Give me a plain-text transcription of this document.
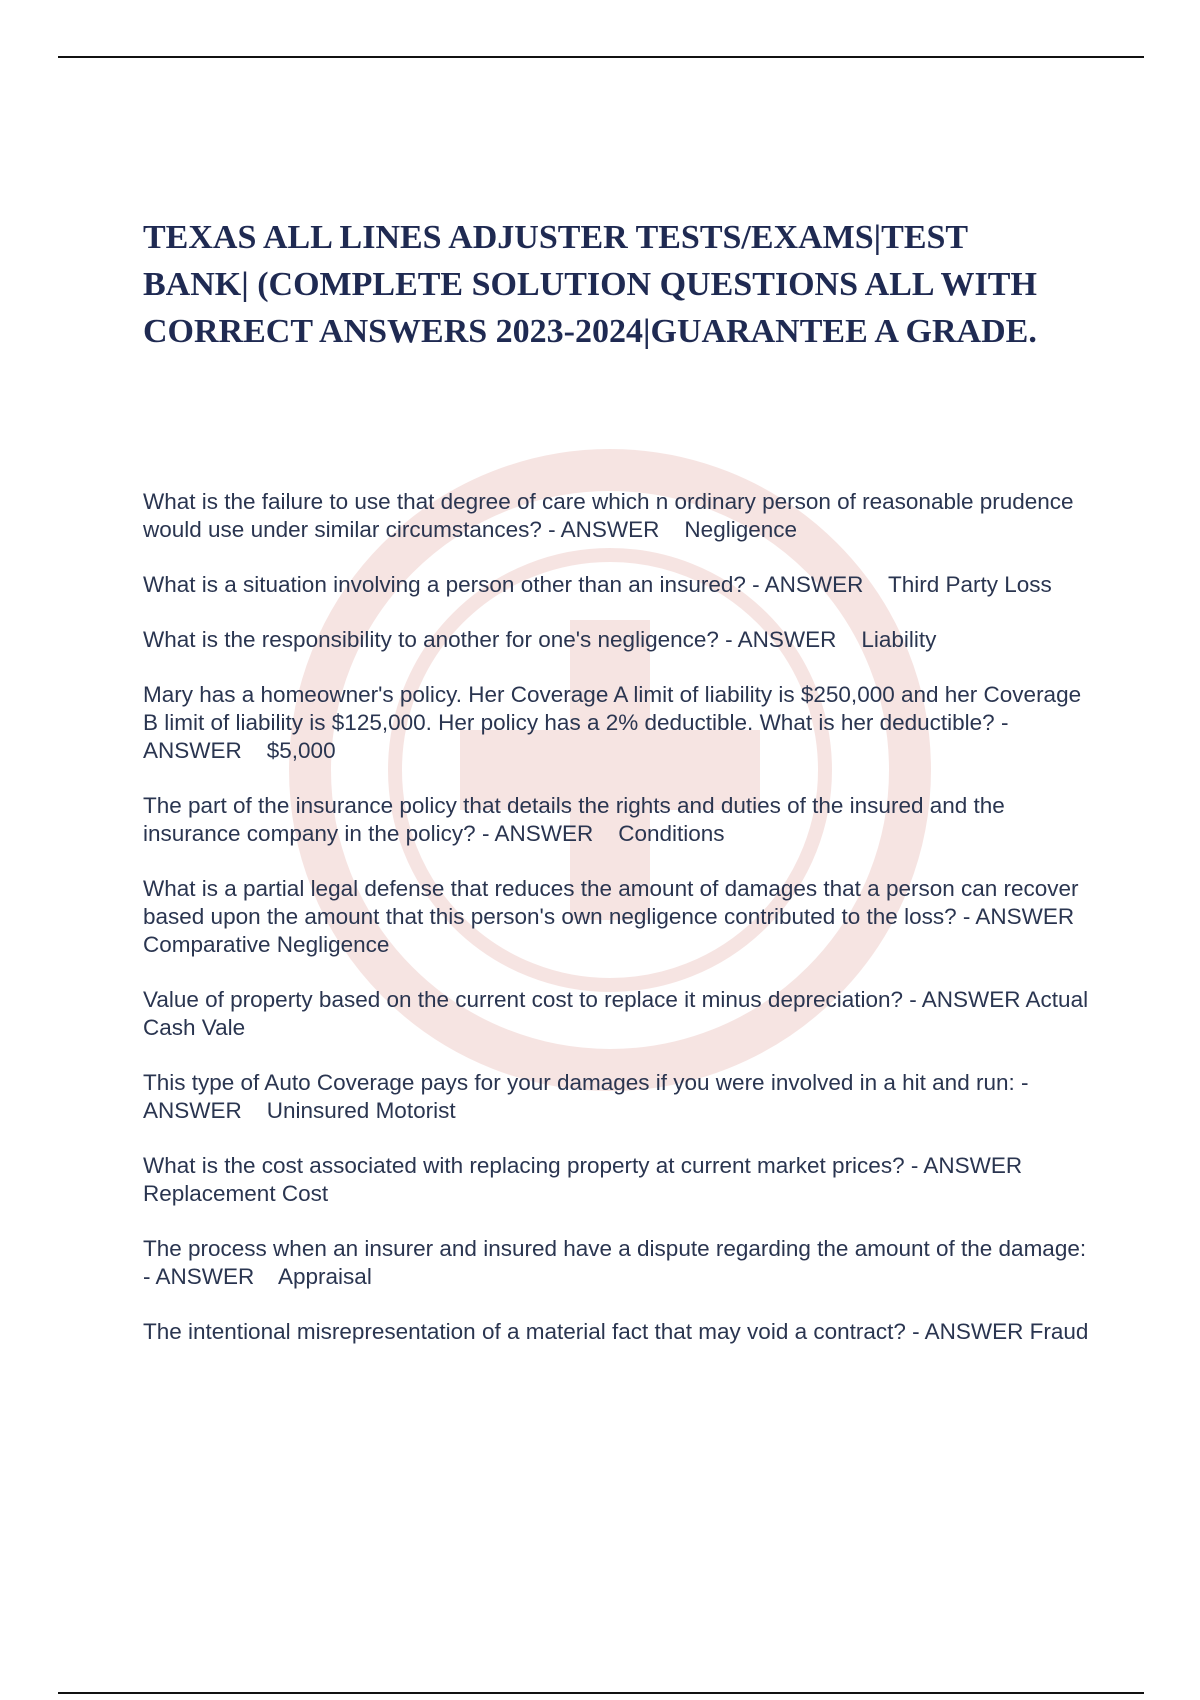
TEXAS ALL LINES ADJUSTER TESTS/EXAMS|TEST BANK| (COMPLETE SOLUTION QUESTIONS ALL WITH CORRECT ANSWERS 2023-2024|GUARANTEE A GRADE.
What is the failure to use that degree of care which n ordinary person of reasonable prudence would use under similar circumstances? - ANSWER    Negligence
What is a situation involving a person other than an insured? - ANSWER    Third Party Loss
What is the responsibility to another for one's negligence? - ANSWER    Liability
Mary has a homeowner's policy. Her Coverage A limit of liability is $250,000 and her Coverage B limit of liability is $125,000. Her policy has a 2% deductible. What is her deductible? - ANSWER    $5,000
The part of the insurance policy that details the rights and duties of the insured and the insurance company in the policy? - ANSWER    Conditions
What is a partial legal defense that reduces the amount of damages that a person can recover based upon the amount that this person's own negligence contributed to the loss? - ANSWER    Comparative Negligence
Value of property based on the current cost to replace it minus depreciation? - ANSWER Actual Cash Vale
This type of Auto Coverage pays for your damages if you were involved in a hit and run: - ANSWER    Uninsured Motorist
What is the cost associated with replacing property at current market prices? - ANSWER Replacement Cost
The process when an insurer and insured have a dispute regarding the amount of the damage: - ANSWER    Appraisal
The intentional misrepresentation of a material fact that may void a contract? - ANSWER Fraud
